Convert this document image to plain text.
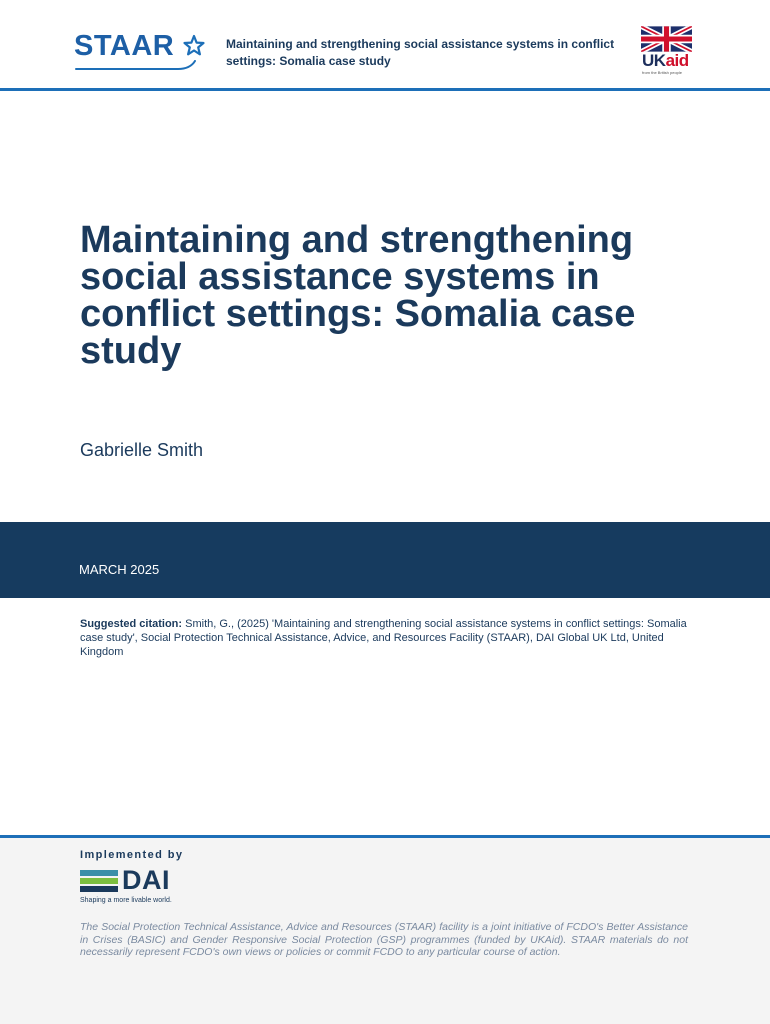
STAAR	Maintaining and strengthening social assistance systems in conflict settings: Somalia case study	UKaid
from the British people
Maintaining and strengthening social assistance systems in conflict settings: Somalia case study
Gabrielle Smith
MARCH 2025
Suggested citation: Smith, G., (2025) 'Maintaining and strengthening social assistance systems in conflict settings: Somalia case study', Social Protection Technical Assistance, Advice, and Resources Facility (STAAR), DAI Global UK Ltd, United Kingdom
Implemented by
DAI
Shaping a more livable world.

The Social Protection Technical Assistance, Advice and Resources (STAAR) facility is a joint initiative of FCDO's Better Assistance in Crises (BASIC) and Gender Responsive Social Protection (GSP) programmes (funded by UKAid). STAAR materials do not necessarily represent FCDO's own views or policies or commit FCDO to any particular course of action.
